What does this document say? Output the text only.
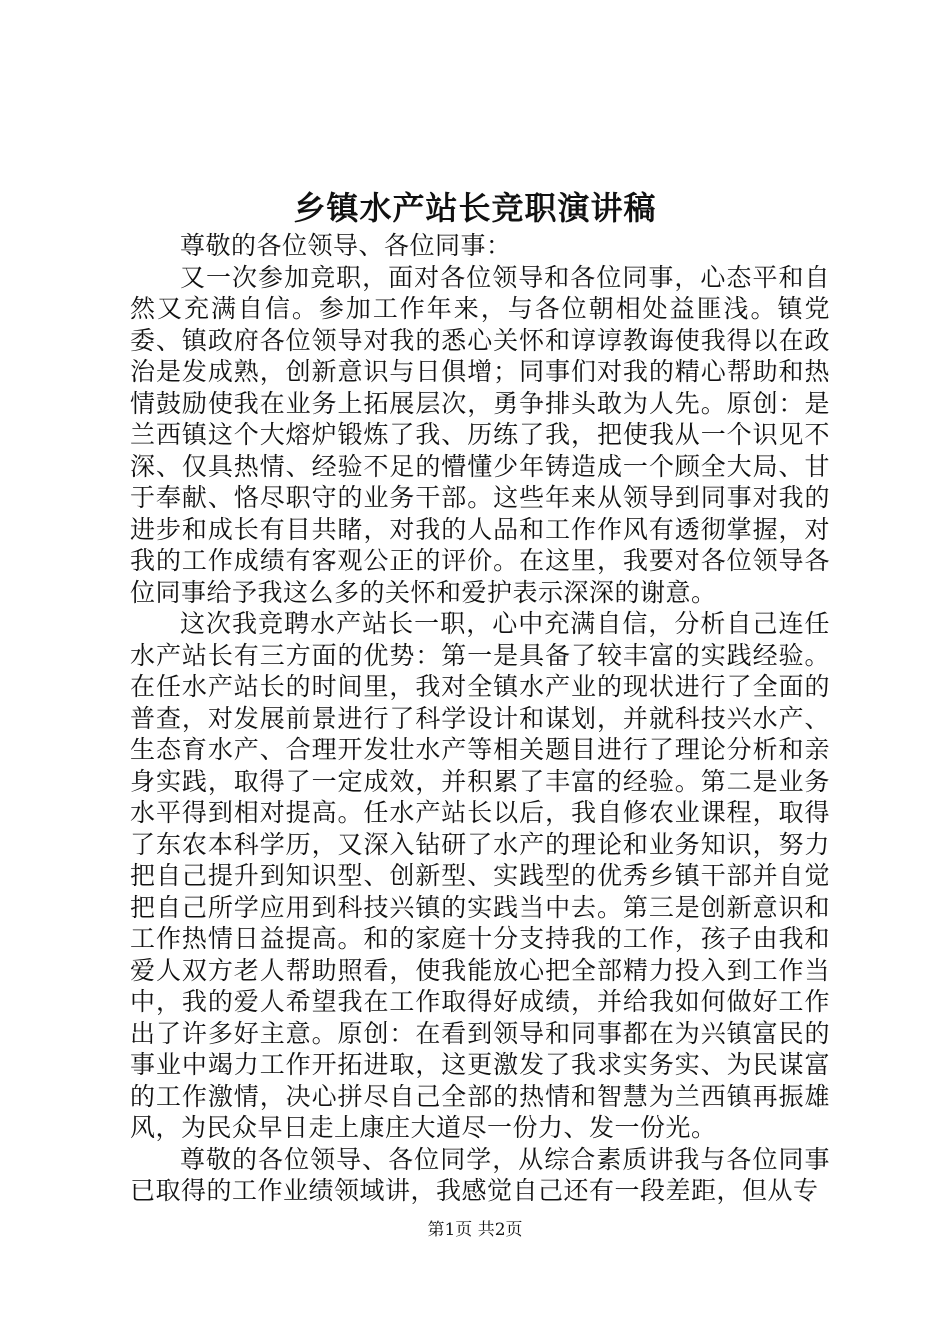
乡镇水产站长竞职演讲稿

尊敬的各位领导、各位同事：

又一次参加竞职，面对各位领导和各位同事，心态平和自然又充满自信。参加工作年来，与各位朝相处益匪浅。镇党委、镇政府各位领导对我的悉心关怀和谆谆教诲使我得以在政治是发成熟，创新意识与日俱增；同事们对我的精心帮助和热情鼓励使我在业务上拓展层次，勇争排头敢为人先。原创：是兰西镇这个大熔炉锻炼了我、历练了我，把使我从一个识见不深、仅具热情、经验不足的懵懂少年铸造成一个顾全大局、甘于奉献、恪尽职守的业务干部。这些年来从领导到同事对我的进步和成长有目共睹，对我的人品和工作作风有透彻掌握，对我的工作成绩有客观公正的评价。在这里，我要对各位领导各位同事给予我这么多的关怀和爱护表示深深的谢意。

这次我竞聘水产站长一职，心中充满自信，分析自己连任水产站长有三方面的优势：第一是具备了较丰富的实践经验。在任水产站长的时间里，我对全镇水产业的现状进行了全面的普查，对发展前景进行了科学设计和谋划，并就科技兴水产、生态育水产、合理开发壮水产等相关题目进行了理论分析和亲身实践，取得了一定成效，并积累了丰富的经验。第二是业务水平得到相对提高。任水产站长以后，我自修农业课程，取得了东农本科学历，又深入钻研了水产的理论和业务知识，努力把自己提升到知识型、创新型、实践型的优秀乡镇干部并自觉把自己所学应用到科技兴镇的实践当中去。第三是创新意识和工作热情日益提高。和的家庭十分支持我的工作，孩子由我和爱人双方老人帮助照看，使我能放心把全部精力投入到工作当中，我的爱人希望我在工作取得好成绩，并给我如何做好工作出了许多好主意。原创：在看到领导和同事都在为兴镇富民的事业中竭力工作开拓进取，这更激发了我求实务实、为民谋富的工作激情，决心拼尽自己全部的热情和智慧为兰西镇再振雄风，为民众早日走上康庄大道尽一份力、发一份光。

尊敬的各位领导、各位同学，从综合素质讲我与各位同事已取得的工作业绩领域讲，我感觉自己还有一段差距，但从专

第1页 共2页
